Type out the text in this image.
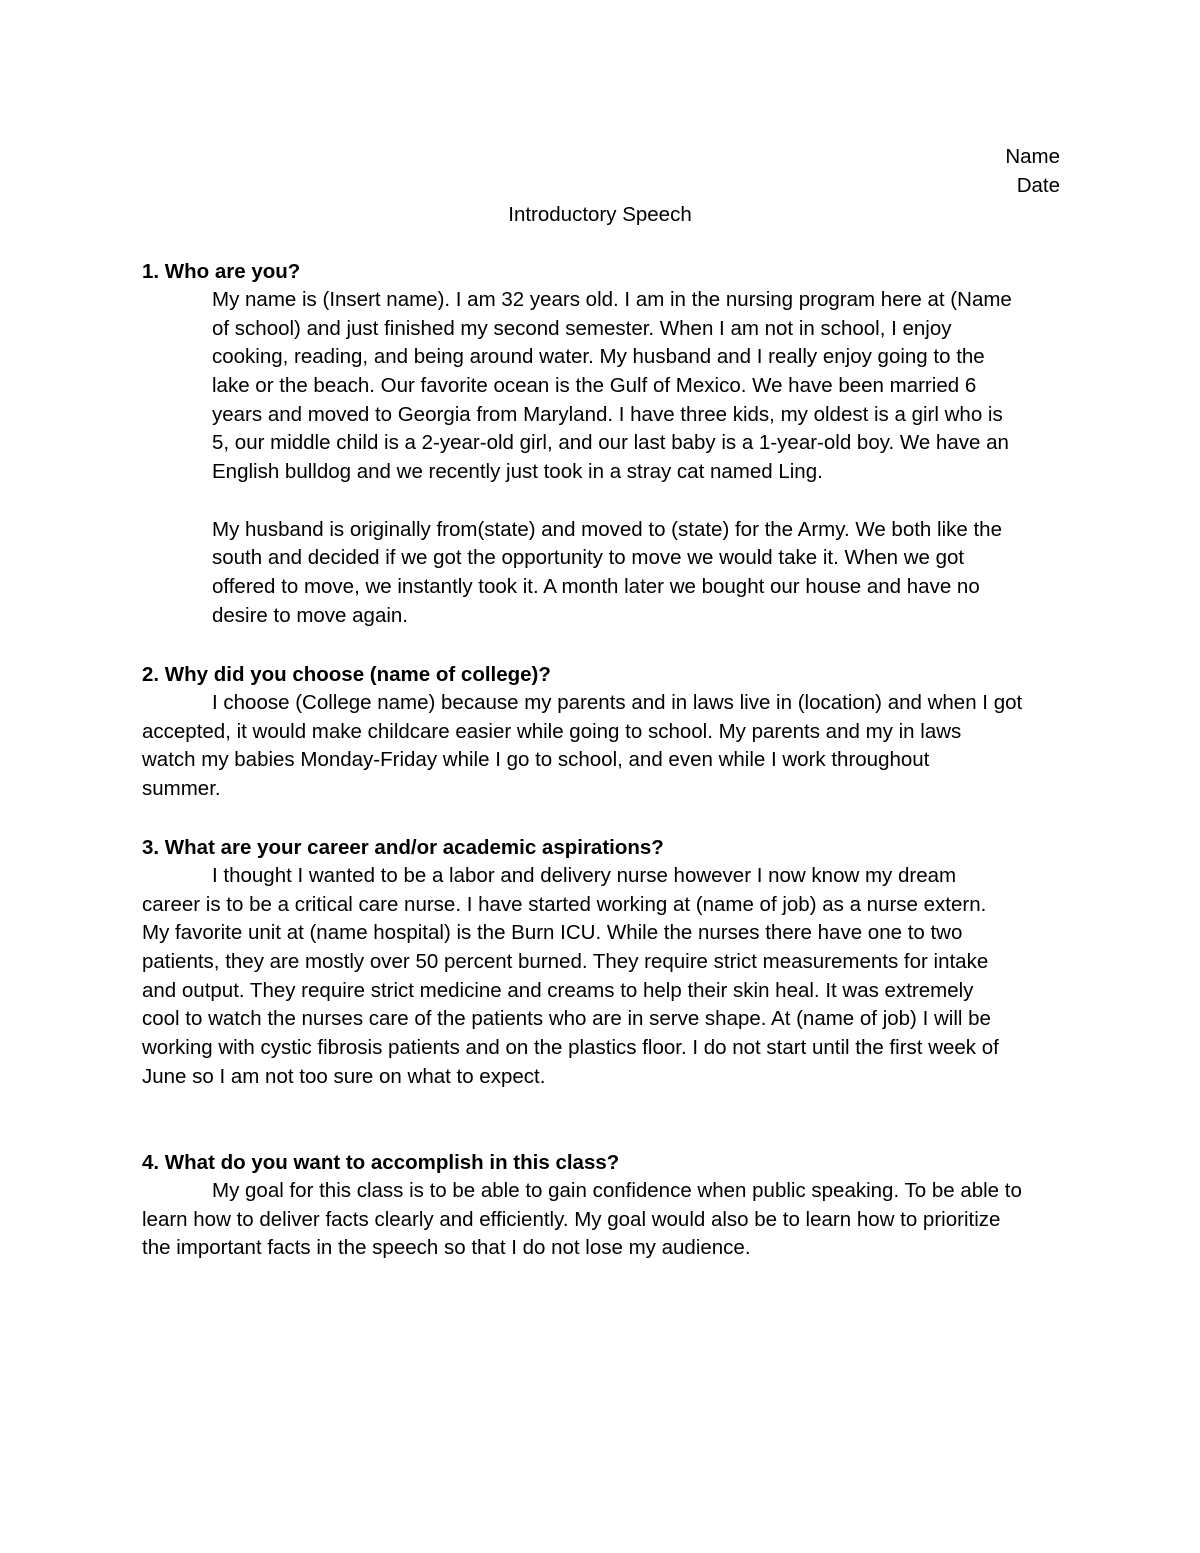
Name
Date
Introductory Speech
1. Who are you?
My name is (Insert name). I am 32 years old. I am in the nursing program here at (Name
of school) and just finished my second semester. When I am not in school, I enjoy
cooking, reading, and being around water. My husband and I really enjoy going to the
lake or the beach. Our favorite ocean is the Gulf of Mexico. We have been married 6
years and moved to Georgia from Maryland. I have three kids, my oldest is a girl who is
5, our middle child is a 2-year-old girl, and our last baby is a 1-year-old boy. We have an
English bulldog and we recently just took in a stray cat named Ling.
My husband is originally from(state) and moved to (state) for the Army. We both like the
south and decided if we got the opportunity to move we would take it. When we got
offered to move, we instantly took it. A month later we bought our house and have no
desire to move again.
2. Why did you choose (name of college)?
I choose (College name) because my parents and in laws live in (location) and when I got
accepted, it would make childcare easier while going to school. My parents and my in laws
watch my babies Monday-Friday while I go to school, and even while I work throughout
summer.
3. What are your career and/or academic aspirations?
I thought I wanted to be a labor and delivery nurse however I now know my dream
career is to be a critical care nurse. I have started working at (name of job) as a nurse extern.
My favorite unit at (name hospital) is the Burn ICU. While the nurses there have one to two
patients, they are mostly over 50 percent burned. They require strict measurements for intake
and output. They require strict medicine and creams to help their skin heal. It was extremely
cool to watch the nurses care of the patients who are in serve shape. At (name of job) I will be
working with cystic fibrosis patients and on the plastics floor. I do not start until the first week of
June so I am not too sure on what to expect.
4. What do you want to accomplish in this class?
My goal for this class is to be able to gain confidence when public speaking. To be able to
learn how to deliver facts clearly and efficiently. My goal would also be to learn how to prioritize
the important facts in the speech so that I do not lose my audience.
